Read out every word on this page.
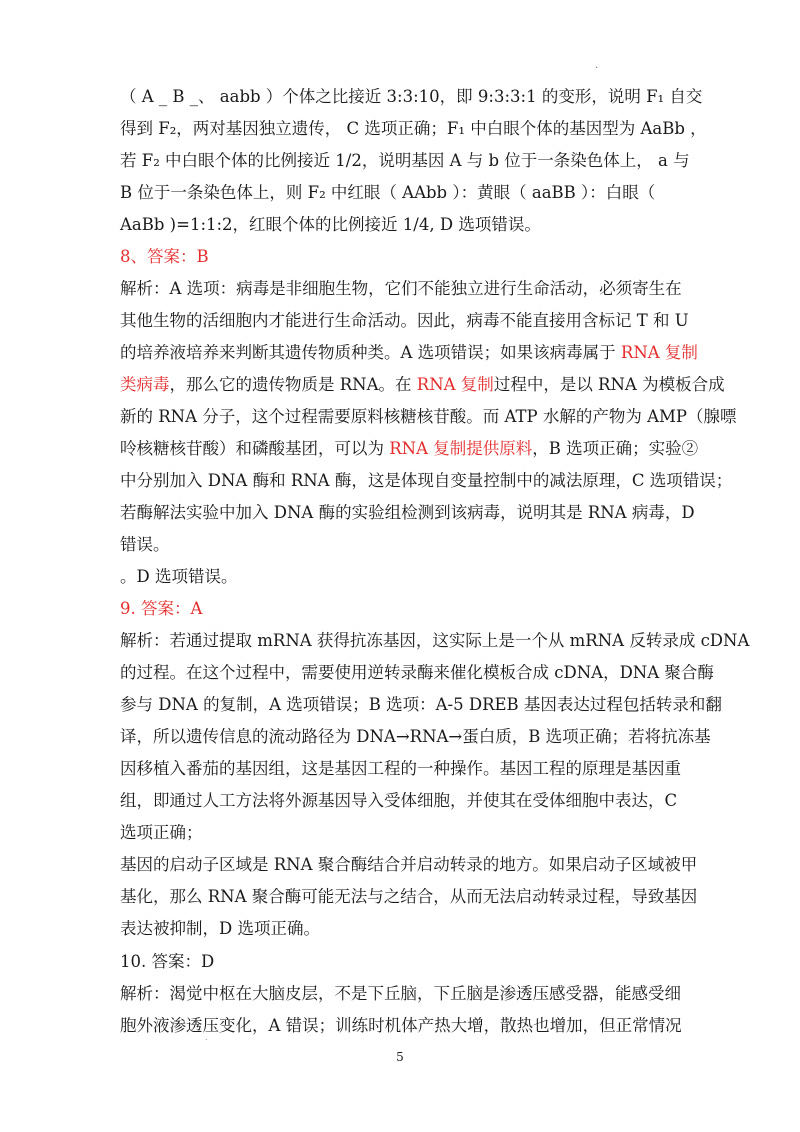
.
（ A _ B _、 aabb ）个体之比接近 3:3:10，即 9:3:3:1 的变形，说明 F₁ 自交
得到 F₂，两对基因独立遗传， C 选项正确；F₁ 中白眼个体的基因型为 AaBb ，
若 F₂ 中白眼个体的比例接近 1/2，说明基因 A 与 b 位于一条染色体上， a 与
B 位于一条染色体上，则 F₂ 中红眼（ AAbb ）：黄眼（ aaBB ）：白眼（
AaBb )=1:1:2，红眼个体的比例接近 1/4, D 选项错误。
8、答案：B
解析：A 选项：病毒是非细胞生物，它们不能独立进行生命活动，必须寄生在
其他生物的活细胞内才能进行生命活动。因此，病毒不能直接用含标记 T 和 U
的培养液培养来判断其遗传物质种类。A 选项错误；如果该病毒属于 RNA 复制
类病毒，那么它的遗传物质是 RNA。在 RNA 复制过程中，是以 RNA 为模板合成
新的 RNA 分子，这个过程需要原料核糖核苷酸。而 ATP 水解的产物为 AMP（腺嘌
呤核糖核苷酸）和磷酸基团，可以为 RNA 复制提供原料，B 选项正确；实验②
中分别加入 DNA 酶和 RNA 酶，这是体现自变量控制中的减法原理，C 选项错误；
若酶解法实验中加入 DNA 酶的实验组检测到该病毒，说明其是 RNA 病毒，D
错误。
。D 选项错误。
9. 答案：A
解析：若通过提取 mRNA 获得抗冻基因，这实际上是一个从 mRNA 反转录成 cDNA
的过程。在这个过程中，需要使用逆转录酶来催化模板合成 cDNA，DNA 聚合酶
参与 DNA 的复制，A 选项错误；B 选项：A-5 DREB 基因表达过程包括转录和翻
译，所以遗传信息的流动路径为 DNA→RNA→蛋白质，B 选项正确；若将抗冻基
因移植入番茄的基因组，这是基因工程的一种操作。基因工程的原理是基因重
组，即通过人工方法将外源基因导入受体细胞，并使其在受体细胞中表达，C
选项正确；
基因的启动子区域是 RNA 聚合酶结合并启动转录的地方。如果启动子区域被甲
基化，那么 RNA 聚合酶可能无法与之结合，从而无法启动转录过程，导致基因
表达被抑制，D 选项正确。
10. 答案：D
解析：渴觉中枢在大脑皮层，不是下丘脑，下丘脑是渗透压感受器，能感受细
胞外液渗透压变化，A 错误；训练时机体产热大增，散热也增加，但正常情况
.
5
